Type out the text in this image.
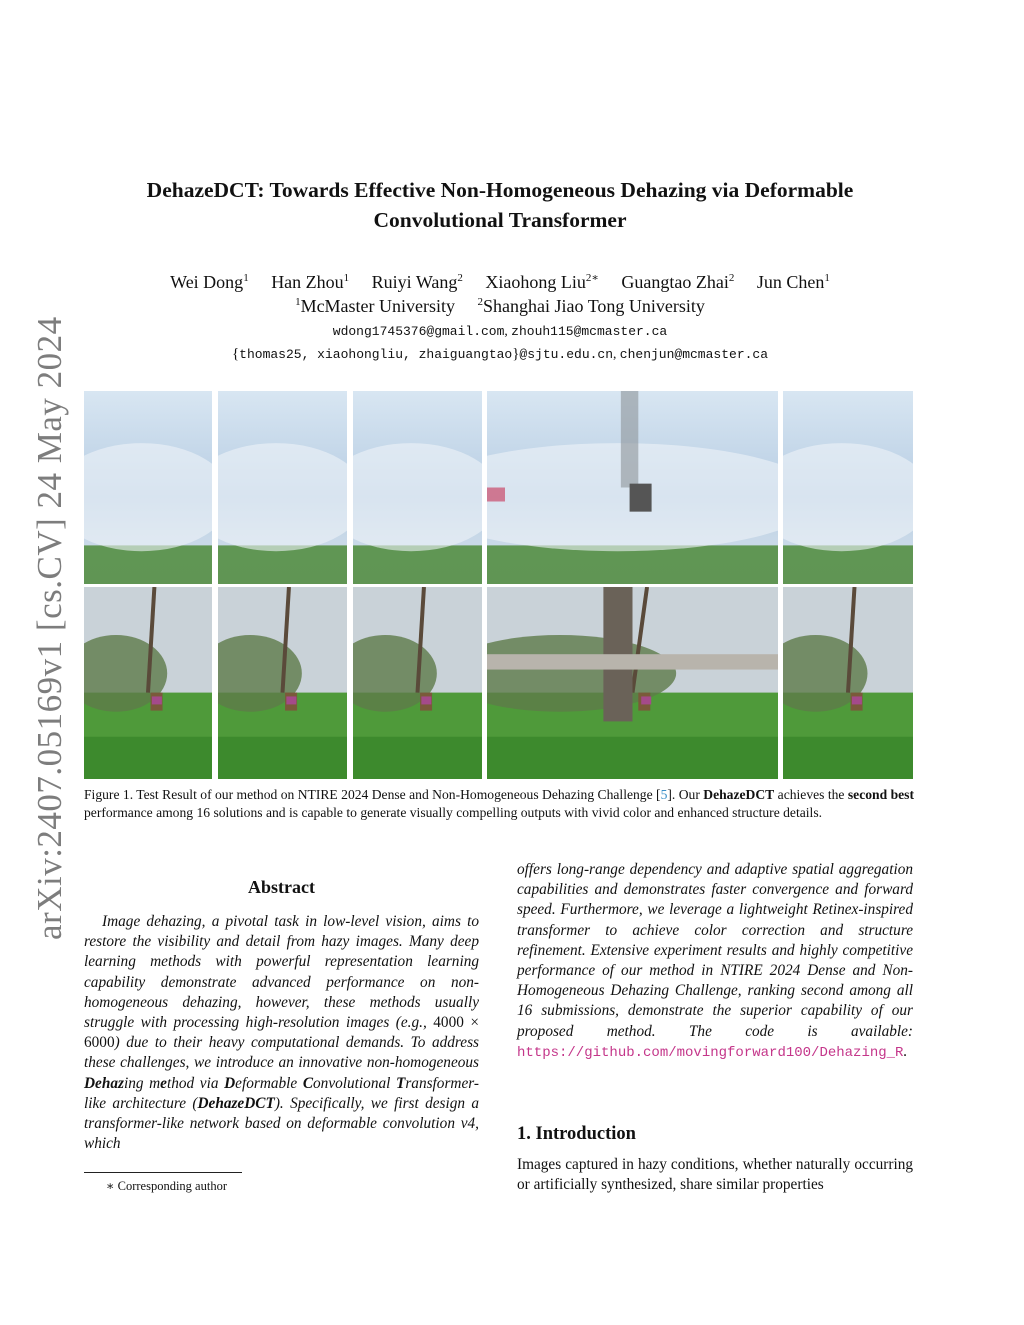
arXiv:2407.05169v1 [cs.CV] 24 May 2024
DehazeDCT: Towards Effective Non-Homogeneous Dehazing via Deformable Convolutional Transformer
Wei Dong$^1$ Han Zhou$^1$ Ruiyi Wang$^2$ Xiaohong Liu$^{2∗}$ Guangtao Zhai$^2$ Jun Chen$^1$
$^1$McMaster University $^2$Shanghai Jiao Tong University
wdong1745376@gmail.com, zhouh115@mcmaster.ca
{thomas25, xiaohongliu, zhaiguangtao}@sjtu.edu.cn, chenjun@mcmaster.ca
Figure 1. Test Result of our method on NTIRE 2024 Dense and Non-Homogeneous Dehazing Challenge [5]. Our DehazeDCT achieves the second best performance among 16 solutions and is capable to generate visually compelling outputs with vivid color and enhanced structure details.
Abstract

Image dehazing, a pivotal task in low-level vision, aims to restore the visibility and detail from hazy images. Many deep learning methods with powerful representation learning capability demonstrate advanced performance on non-homogeneous dehazing, however, these methods usually struggle with processing high-resolution images (e.g., 4000 × 6000) due to their heavy computational demands. To address these challenges, we introduce an innovative non-homogeneous Dehazing method via Deformable Convolutional Transformer-like architecture (DehazeDCT). Specifically, we first design a transformer-like network based on deformable convolution v4, which

offers long-range dependency and adaptive spatial aggregation capabilities and demonstrates faster convergence and forward speed. Furthermore, we leverage a lightweight Retinex-inspired transformer to achieve color correction and structure refinement. Extensive experiment results and highly competitive performance of our method in NTIRE 2024 Dense and Non-Homogeneous Dehazing Challenge, ranking second among all 16 submissions, demonstrate the superior capability of our proposed method. The code is available: https://github.com/movingforward100/Dehazing_R.

1. Introduction
Images captured in hazy conditions, whether naturally occurring or artificially synthesized, share similar properties
∗ Corresponding author
